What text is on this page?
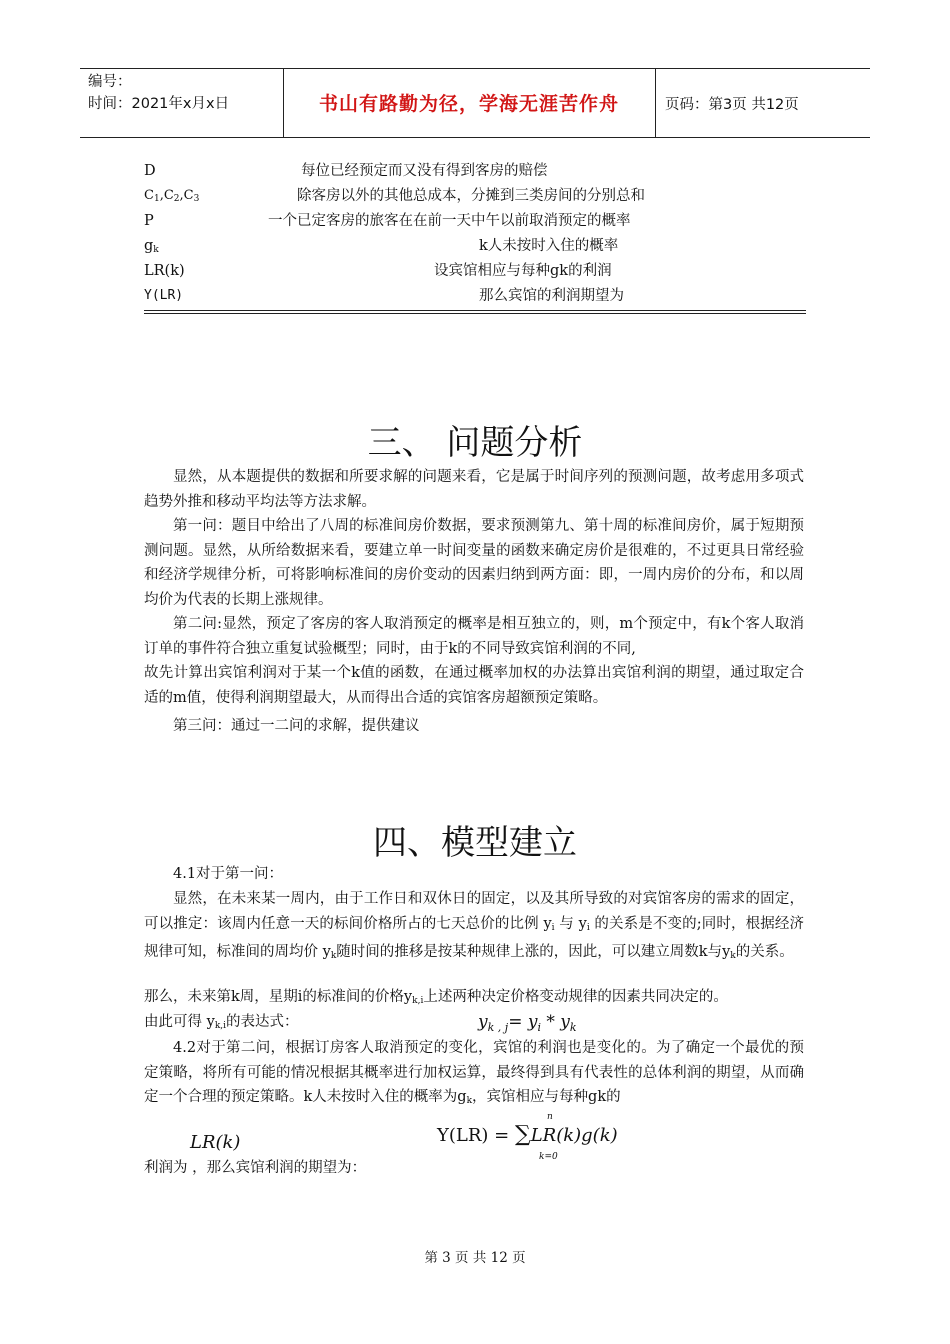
编号：
时间：2021年x月x日	书山有路勤为径，学海无涯苦作舟	页码：第3页 共12页
D	每位已经预定而又没有得到客房的赔偿
C1,C2,C3	除客房以外的其他总成本，分摊到三类房间的分别总和
P	一个已定客房的旅客在在前一天中午以前取消预定的概率
gk	k人未按时入住的概率
LR(k)	设宾馆相应与每种gk的利润
Y(LR)	那么宾馆的利润期望为
三、 问题分析

显然，从本题提供的数据和所要求解的问题来看，它是属于时间序列的预测问题，故考虑用多项式趋势外推和移动平均法等方法求解。

第一问：题目中给出了八周的标准间房价数据，要求预测第九、第十周的标准间房价，属于短期预测问题。显然，从所给数据来看，要建立单一时间变量的函数来确定房价是很难的，不过更具日常经验和经济学规律分析，可将影响标准间的房价变动的因素归纳到两方面：即，一周内房价的分布，和以周均价为代表的长期上涨规律。

第二问:显然，预定了客房的客人取消预定的概率是相互独立的，则，m个预定中，有k个客人取消订单的事件符合独立重复试验概型；同时，由于k的不同导致宾馆利润的不同,

故先计算出宾馆利润对于某一个k值的函数，在通过概率加权的办法算出宾馆利润的期望，通过取定合适的m值，使得利润期望最大，从而得出合适的宾馆客房超额预定策略。

第三问：通过一二问的求解，提供建议

四、模型建立

4.1对于第一问：

显然，在未来某一周内，由于工作日和双休日的固定，以及其所导致的对宾馆客房的需求的固定，可以推定：该周内任意一天的标间价格所占的七天总价的比例 $y_i$ 与 $y_i$ 的关系是不变的;同时，根据经济规律可知，标准间的周均价 $y_k$随时间的推移是按某种规律上涨的，因此，可以建立周数k与$y_k$的关系。

那么，未来第k周，星期i的标准间的价格$y_{k,i}$上述两种决定价格变动规律的因素共同决定的。

由此可得 $y_{k,i}$的表达式：	$y_{k , j}= y_i * y_k$

4.2对于第二问，根据订房客人取消预定的变化，宾馆的利润也是变化的。为了确定一个最优的预定策略，将所有可能的情况根据其概率进行加权运算，最终得到具有代表性的总体利润的期望，从而确定一个合理的预定策略。k人未按时入住的概率为$g_k$，宾馆相应与每种gk的

LR(k)
n
Y(LR) = ∑LR(k)g(k)
k=0

利润为 ，那么宾馆利润的期望为：

第 3 页 共 12 页
